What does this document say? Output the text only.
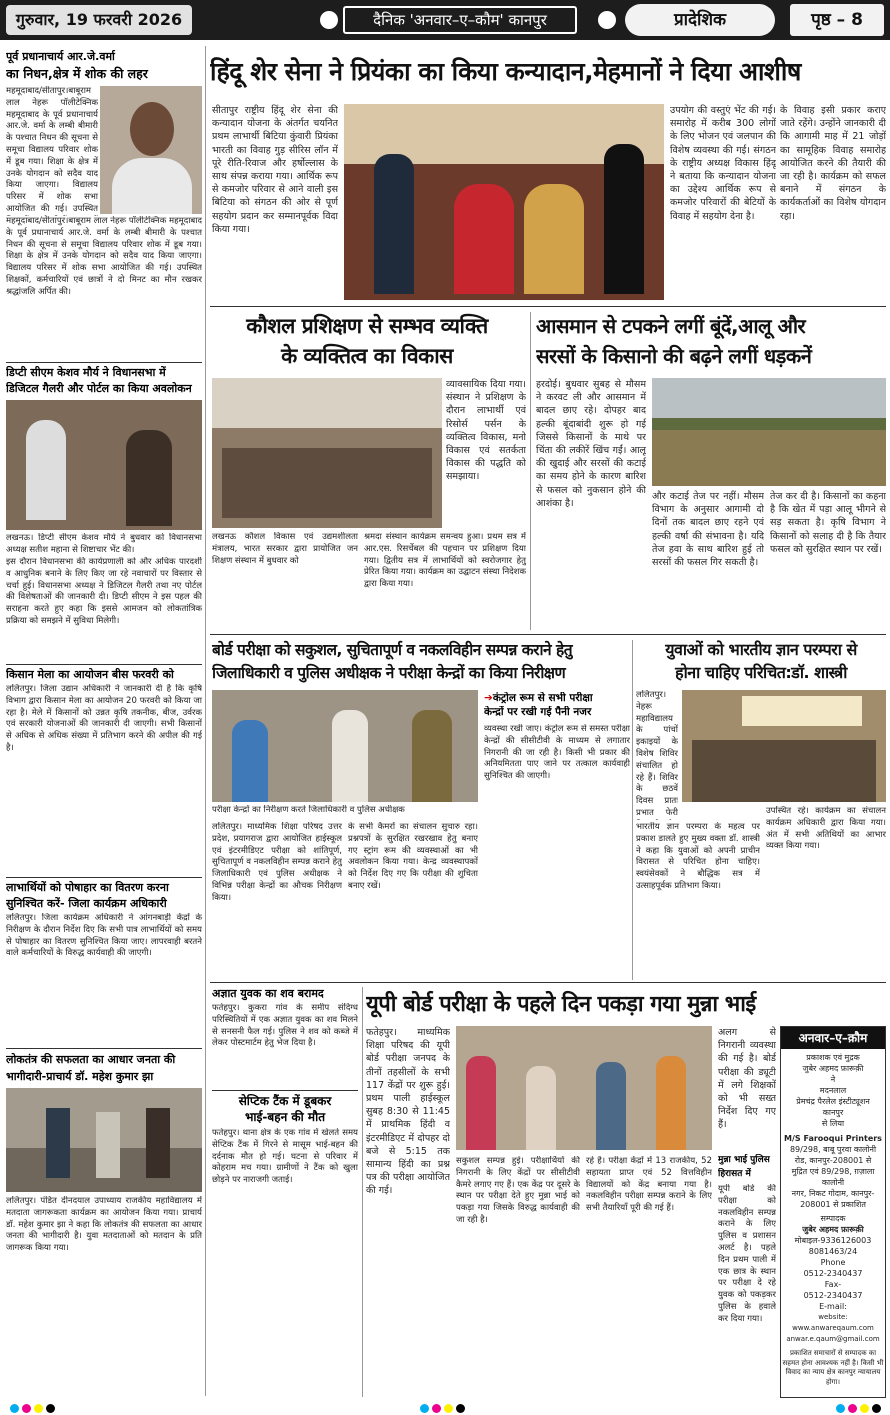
गुरुवार, 19 फरवरी 2026	दैनिक 'अनवार–ए–कौम' कानपुर	प्रादेशिक	पृष्ठ – 8
पूर्व प्रधानाचार्य आर.जे.वर्मा
का निधन,क्षेत्र में शोक की लहर
महमूदाबाद/सीतापुर।बाबूराम लाल नेहरू पॉलीटेक्निक महमूदाबाद के पूर्व प्रधानाचार्य आर.जे. वर्मा के लम्बी बीमारी के पश्चात निधन की सूचना से समूचा विद्यालय परिवार शोक में डूब गया। शिक्षा के क्षेत्र में उनके योगदान को सदैव याद किया जाएगा। विद्यालय परिसर में शोक सभा आयोजित की गई। उपस्थित
महमूदाबाद/सीतापुर।बाबूराम लाल नेहरू पॉलीटेक्निक महमूदाबाद के पूर्व प्रधानाचार्य आर.जे. वर्मा के लम्बी बीमारी के पश्चात निधन की सूचना से समूचा विद्यालय परिवार शोक में डूब गया। शिक्षा के क्षेत्र में उनके योगदान को सदैव याद किया जाएगा। विद्यालय परिसर में शोक सभा आयोजित की गई। उपस्थित शिक्षकों, कर्मचारियों एवं छात्रों ने दो मिनट का मौन रखकर श्रद्धांजलि अर्पित की।
डिप्टी सीएम केशव मौर्य ने विधानसभा में
डिजिटल गैलरी और पोर्टल का किया अवलोकन
लखनऊ। डिप्टी सीएम केशव मौर्य ने बुधवार को विधानसभा अध्यक्ष सतीश महाना से शिष्टाचार भेंट की।
इस दौरान विधानसभा की कार्यप्रणाली को और अधिक पारदर्शी व आधुनिक बनाने के लिए किए जा रहे नवाचारों पर विस्तार से चर्चा हुई। विधानसभा अध्यक्ष ने डिजिटल गैलरी तथा नए पोर्टल की विशेषताओं की जानकारी दी। डिप्टी सीएम ने इस पहल की सराहना करते हुए कहा कि इससे आमजन को लोकतांत्रिक प्रक्रिया को समझने में सुविधा मिलेगी।
किसान मेला का आयोजन बीस फरवरी को
ललितपुर। जिला उद्यान अधिकारी ने जानकारी दी है कि कृषि विभाग द्वारा किसान मेला का आयोजन 20 फरवरी को किया जा रहा है। मेले में किसानों को उन्नत कृषि तकनीक, बीज, उर्वरक एवं सरकारी योजनाओं की जानकारी दी जाएगी। सभी किसानों से अधिक से अधिक संख्या में प्रतिभाग करने की अपील की गई है।
लाभार्थियों को पोषाहार का वितरण करना
सुनिश्चित करें- जिला कार्यक्रम अधिकारी
ललितपुर। जिला कार्यक्रम अधिकारी ने आंगनबाड़ी केंद्रों के निरीक्षण के दौरान निर्देश दिए कि सभी पात्र लाभार्थियों को समय से पोषाहार का वितरण सुनिश्चित किया जाए। लापरवाही बरतने वाले कर्मचारियों के विरुद्ध कार्यवाही की जाएगी।
लोकतंत्र की सफलता का आधार जनता की
भागीदारी-प्राचार्य डॉ. महेश कुमार झा
ललितपुर। पंडित दीनदयाल उपाध्याय राजकीय महाविद्यालय में मतदाता जागरूकता कार्यक्रम का आयोजन किया गया। प्राचार्य डॉ. महेश कुमार झा ने कहा कि लोकतंत्र की सफलता का आधार जनता की भागीदारी है। युवा मतदाताओं को मतदान के प्रति जागरूक किया गया।
हिंदू शेर सेना ने प्रियंका का किया कन्यादान,मेहमानों ने दिया आशीष
सीतापुर राष्ट्रीय हिंदू शेर सेना की कन्यादान योजना के अंतर्गत चयनित प्रथम लाभार्थी बिटिया कुंवारी प्रियंका भारती का विवाह गुड़ सीरिस लॉन में पूरे रीति-रिवाज और हर्षोल्लास के साथ संपन्न कराया गया। आर्थिक रूप से कमजोर परिवार से आने वाली इस बिटिया को संगठन की ओर से पूर्ण सहयोग प्रदान कर सम्मानपूर्वक विदा किया गया।
उपयोग की वस्तुएं भेंट की गई। समारोह में करीब 300 लोगों के लिए भोजन एवं जलपान की विशेष व्यवस्था की गई। संगठन के राष्ट्रीय अध्यक्ष विकास हिंदू ने बताया कि कन्यादान योजना का उद्देश्य आर्थिक रूप से कमजोर परिवारों की बेटियों के विवाह में सहयोग देना है।
के विवाह इसी प्रकार कराए जाते रहेंगे। उन्होंने जानकारी दी कि आगामी माह में 21 जोड़ों का सामूहिक विवाह समारोह आयोजित करने की तैयारी की जा रही है। कार्यक्रम को सफल बनाने में संगठन के कार्यकर्ताओं का विशेष योगदान रहा।
कौशल प्रशिक्षण से सम्भव व्यक्ति
के व्यक्तित्व का विकास
व्यावसायिक दिया गया।संस्थान ने प्रशिक्षण के दौरान लाभार्थी एवं रिसोर्स पर्सन के व्यक्तित्व विकास, मनो विकास एवं सतर्कता विकास की पद्धति को समझाया।
लखनऊ कौशल विकास एवं उद्यमशीलता मंत्रालय, भारत सरकार द्वारा प्रायोजित जन शिक्षण संस्थान में बुधवार को
श्रमदा संस्थान कार्यक्रम समन्वय हुआ। प्रथम सत्र में आर.एस. रिसर्चेबल की पहचान पर प्रशिक्षण दिया गया। द्वितीय सत्र में लाभार्थियों को स्वरोजगार हेतु प्रेरित किया गया। कार्यक्रम का उद्घाटन संस्था निदेशक द्वारा किया गया।
आसमान से टपकने लगीं बूंदें,आलू और
सरसों के किसानो की बढ़ने लगीं धड़कनें
हरदोई। बुधवार सुबह से मौसम ने करवट ली और आसमान में बादल छाए रहे। दोपहर बाद हल्की बूंदाबांदी शुरू हो गई जिससे किसानों के माथे पर चिंता की लकीरें खिंच गईं। आलू की खुदाई और सरसों की कटाई का समय होने के कारण बारिश से फसल को नुकसान होने की आशंका है।
और कटाई तेज पर नहीं। मौसम विभाग के अनुसार आगामी दो दिनों तक बादल छाए रहने एवं हल्की वर्षा की संभावना है। यदि तेज हवा के साथ बारिश हुई तो सरसों की फसल गिर सकती है।
तेज कर दी है। किसानों का कहना है कि खेत में पड़ा आलू भीगने से सड़ सकता है। कृषि विभाग ने किसानों को सलाह दी है कि तैयार फसल को सुरक्षित स्थान पर रखें।
बोर्ड परीक्षा को सकुशल, सुचितापूर्ण व नकलविहीन सम्पन्न कराने हेतु
जिलाधिकारी व पुलिस अधीक्षक ने परीक्षा केन्द्रों का किया निरीक्षण
परीक्षा केन्द्रों का निरीक्षण करते जिलाधिकारी व पुलिस अधीक्षक
ललितपुर। माध्यमिक शिक्षा परिषद उत्तर प्रदेश, प्रयागराज द्वारा आयोजित हाईस्कूल एवं इंटरमीडिएट परीक्षा को शांतिपूर्ण, सुचितापूर्ण व नकलविहीन सम्पन्न कराने हेतु जिलाधिकारी एवं पुलिस अधीक्षक ने विभिन्न परीक्षा केन्द्रों का औचक निरीक्षण किया।
के सभी कैमरों का संचालन सुचारु रहा। प्रश्नपत्रों के सुरक्षित रखरखाव हेतु बनाए गए स्ट्रांग रूम की व्यवस्थाओं का भी अवलोकन किया गया। केन्द्र व्यवस्थापकों को निर्देश दिए गए कि परीक्षा की शुचिता बनाए रखें।
➔कंट्रोल रूम से सभी परीक्षा
केन्द्रों पर रखी गई पैनी नजर
व्यवस्था रखी जाए। कंट्रोल रूम से समस्त परीक्षा केन्द्रों की सीसीटीवी के माध्यम से लगातार निगरानी की जा रही है। किसी भी प्रकार की अनियमितता पाए जाने पर तत्काल कार्यवाही सुनिश्चित की जाएगी।
युवाओं को भारतीय ज्ञान परम्परा से
होना चाहिए परिचित:डॉ. शास्त्री
ललितपुर। नेहरू महाविद्यालय के पांचों इकाइयों के विशेष शिविर संचालित हो रहे हैं। शिविर के छठवें दिवस प्रातः प्रभात फेरी
भारतीय ज्ञान परम्परा के महत्व पर प्रकाश डालते हुए मुख्य वक्ता डॉ. शास्त्री ने कहा कि युवाओं को अपनी प्राचीन विरासत से परिचित होना चाहिए। स्वयंसेवकों ने बौद्धिक सत्र में उत्साहपूर्वक प्रतिभाग किया।
उपस्थित रहे। कार्यक्रम का संचालन कार्यक्रम अधिकारी द्वारा किया गया। अंत में सभी अतिथियों का आभार व्यक्त किया गया।
अज्ञात युवक का शव बरामद
फतेहपुर। कुकरा गांव के समीप संदिग्ध परिस्थितियों में एक अज्ञात युवक का शव मिलने से सनसनी फैल गई। पुलिस ने शव को कब्जे में लेकर पोस्टमार्टम हेतु भेज दिया है।
सेप्टिक टैंक में डूबकर
भाई-बहन की मौत
फतेहपुर। थाना क्षेत्र के एक गांव में खेलते समय सेप्टिक टैंक में गिरने से मासूम भाई-बहन की दर्दनाक मौत हो गई। घटना से परिवार में कोहराम मच गया। ग्रामीणों ने टैंक को खुला छोड़ने पर नाराजगी जताई।
यूपी बोर्ड परीक्षा के पहले दिन पकड़ा गया मुन्ना भाई
फतेहपुर। माध्यमिक शिक्षा परिषद की यूपी बोर्ड परीक्षा जनपद के तीनों तहसीलों के सभी 117 केंद्रों पर शुरू हुई। प्रथम पाली हाईस्कूल सुबह 8:30 से 11:45 में प्राथमिक हिंदी व इंटरमीडिएट में दोपहर दो बजे से 5:15 तक सामान्य हिंदी का प्रश्न पत्र की परीक्षा आयोजित की गई।
अलग से निगरानी व्यवस्था की गई है। बोर्ड परीक्षा की ड्यूटी में लगे शिक्षकों को भी सख्त निर्देश दिए गए हैं।
सकुशल सम्पन्न हुई। परीक्षार्थियों की निगरानी के लिए केंद्रों पर सीसीटीवी कैमरे लगाए गए हैं। एक केंद्र पर दूसरे के स्थान पर परीक्षा देते हुए मुन्ना भाई को पकड़ा गया जिसके विरुद्ध कार्यवाही की जा रही है।
रहे है। परीक्षा केंद्रों में 13 राजकीय, 52 सहायता प्राप्त एवं 52 वित्तविहीन विद्यालयों को केंद्र बनाया गया है। नकलविहीन परीक्षा सम्पन्न कराने के लिए सभी तैयारियाँ पूरी की गई हैं।
मुन्ना भाई पुलिस
हिरासत में
यूपी बोर्ड की परीक्षा को नकलविहीन सम्पन्न कराने के लिए पुलिस व प्रशासन अलर्ट है। पहले दिन प्रथम पाली में एक छात्र के स्थान पर परीक्षा दे रहे युवक को पकड़कर पुलिस के हवाले कर दिया गया।
अनवार–ए–क़ौम
प्रकाशक एवं मुद्रक
जुबेर अहमद फ़ारूक़ी
ने
मदनलाल
प्रेमचंद्र पैरलेल इंस्टीट्यूशन
कानपुर
से लिया
M/S Farooqui Printers
89/298, बाबू पुरवा कालोनी
रोड, कानपुर-208001 से
मुद्रित एवं 89/298, ग़ज़ाला कालोनी
नगर, निकट गोदाम, कानपुर-
208001 से प्रकाशित
सम्पादक
जुबेर अहमद फ़ारूक़ी
मोबाइल-9336126003
8081463/24
Phone
0512-2340437
Fax-
0512-2340437
E-mail:
website: www.anwareqaum.com
anwar.e.qaum@gmail.com
प्रकाशित समाचारों से सम्पादक का सहमत होना आवश्यक नहीं है। किसी भी विवाद का न्याय क्षेत्र कानपुर न्यायालय होगा।
